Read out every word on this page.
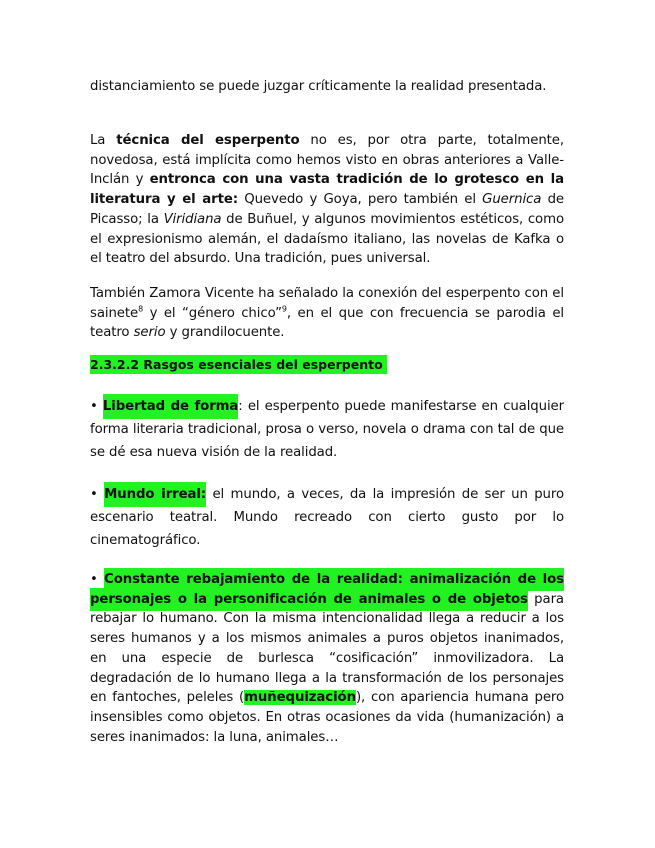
distanciamiento se puede juzgar críticamente la realidad presentada.

La técnica del esperpento no es, por otra parte, totalmente, novedosa, está implícita como hemos visto en obras anteriores a Valle- Inclán y entronca con una vasta tradición de lo grotesco en la literatura y el arte: Quevedo y Goya, pero también el Guernica de Picasso; la Viridiana de Buñuel, y algunos movimientos estéticos, como el expresionismo alemán, el dadaísmo italiano, las novelas de Kafka o el teatro del absurdo. Una tradición, pues universal.

También Zamora Vicente ha señalado la conexión del esperpento con el sainete$^8$ y el “género chico”$^9$, en el que con frecuencia se parodia el teatro serio y grandilocuente.

2.3.2.2 Rasgos esenciales del esperpento

• Libertad de forma: el esperpento puede manifestarse en cualquier forma literaria tradicional, prosa o verso, novela o drama con tal de que se dé esa nueva visión de la realidad.

• Mundo irreal: el mundo, a veces, da la impresión de ser un puro escenario teatral. Mundo recreado con cierto gusto por lo cinematográfico.

• Constante rebajamiento de la realidad: animalización de los personajes o la personificación de animales o de objetos para rebajar lo humano. Con la misma intencionalidad llega a reducir a los seres humanos y a los mismos animales a puros objetos inanimados, en una especie de burlesca “cosificación” inmovilizadora. La degradación de lo humano llega a la transformación de los personajes en fantoches, peleles (muñequización), con apariencia humana pero insensibles como objetos. En otras ocasiones da vida (humanización) a seres inanimados: la luna, animales…
